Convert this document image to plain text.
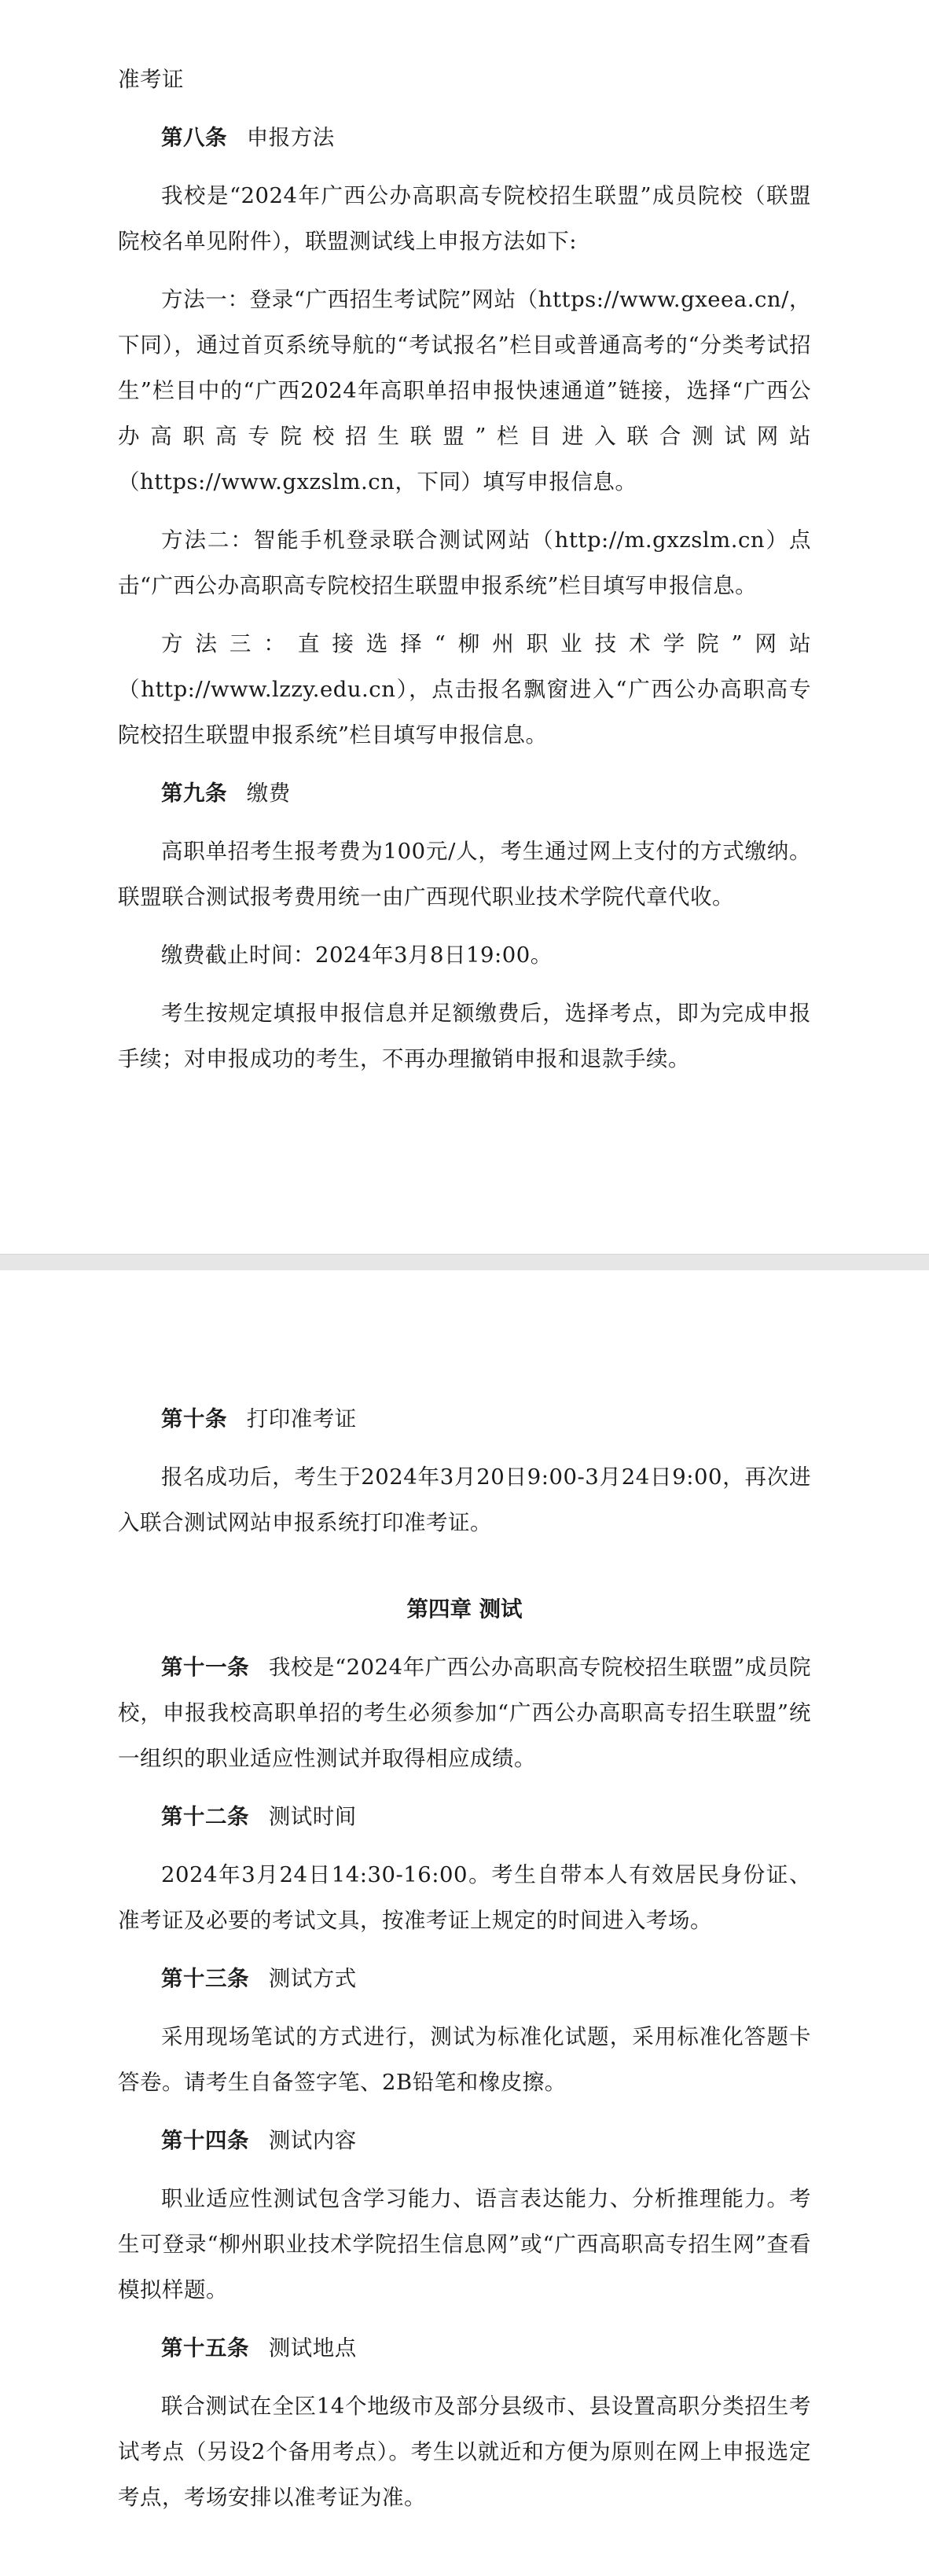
准考证

第八条 申报方法

我校是“2024年广西公办高职高专院校招生联盟”成员院校（联盟院校名单见附件），联盟测试线上申报方法如下:

方法一：登录“广西招生考试院”网站（https://www.gxeea.cn/，下同），通过首页系统导航的“考试报名”栏目或普通高考的“分类考试招生”栏目中的“广西2024年高职单招申报快速通道”链接，选择“广西公办高职高专院校招生联盟”栏目进入联合测试网站（https://www.gxzslm.cn，下同）填写申报信息。

方法二：智能手机登录联合测试网站（http://m.gxzslm.cn）点击“广西公办高职高专院校招生联盟申报系统”栏目填写申报信息。

方法三：直接选择“柳州职业技术学院”网站（http://www.lzzy.edu.cn），点击报名飘窗进入“广西公办高职高专院校招生联盟申报系统”栏目填写申报信息。

第九条 缴费

高职单招考生报考费为100元/人，考生通过网上支付的方式缴纳。联盟联合测试报考费用统一由广西现代职业技术学院代章代收。

缴费截止时间：2024年3月8日19:00。

考生按规定填报申报信息并足额缴费后，选择考点，即为完成申报手续；对申报成功的考生，不再办理撤销申报和退款手续。

第十条 打印准考证

报名成功后，考生于2024年3月20日9:00-3月24日9:00，再次进入联合测试网站申报系统打印准考证。

第四章 测试

第十一条 我校是“2024年广西公办高职高专院校招生联盟”成员院校，申报我校高职单招的考生必须参加“广西公办高职高专招生联盟”统一组织的职业适应性测试并取得相应成绩。

第十二条 测试时间

2024年3月24日14:30-16:00。考生自带本人有效居民身份证、准考证及必要的考试文具，按准考证上规定的时间进入考场。

第十三条 测试方式

采用现场笔试的方式进行，测试为标准化试题，采用标准化答题卡答卷。请考生自备签字笔、2B铅笔和橡皮擦。

第十四条 测试内容

职业适应性测试包含学习能力、语言表达能力、分析推理能力。考生可登录“柳州职业技术学院招生信息网”或“广西高职高专招生网”查看模拟样题。

第十五条 测试地点

联合测试在全区14个地级市及部分县级市、县设置高职分类招生考试考点（另设2个备用考点）。考生以就近和方便为原则在网上申报选定考点，考场安排以准考证为准。
